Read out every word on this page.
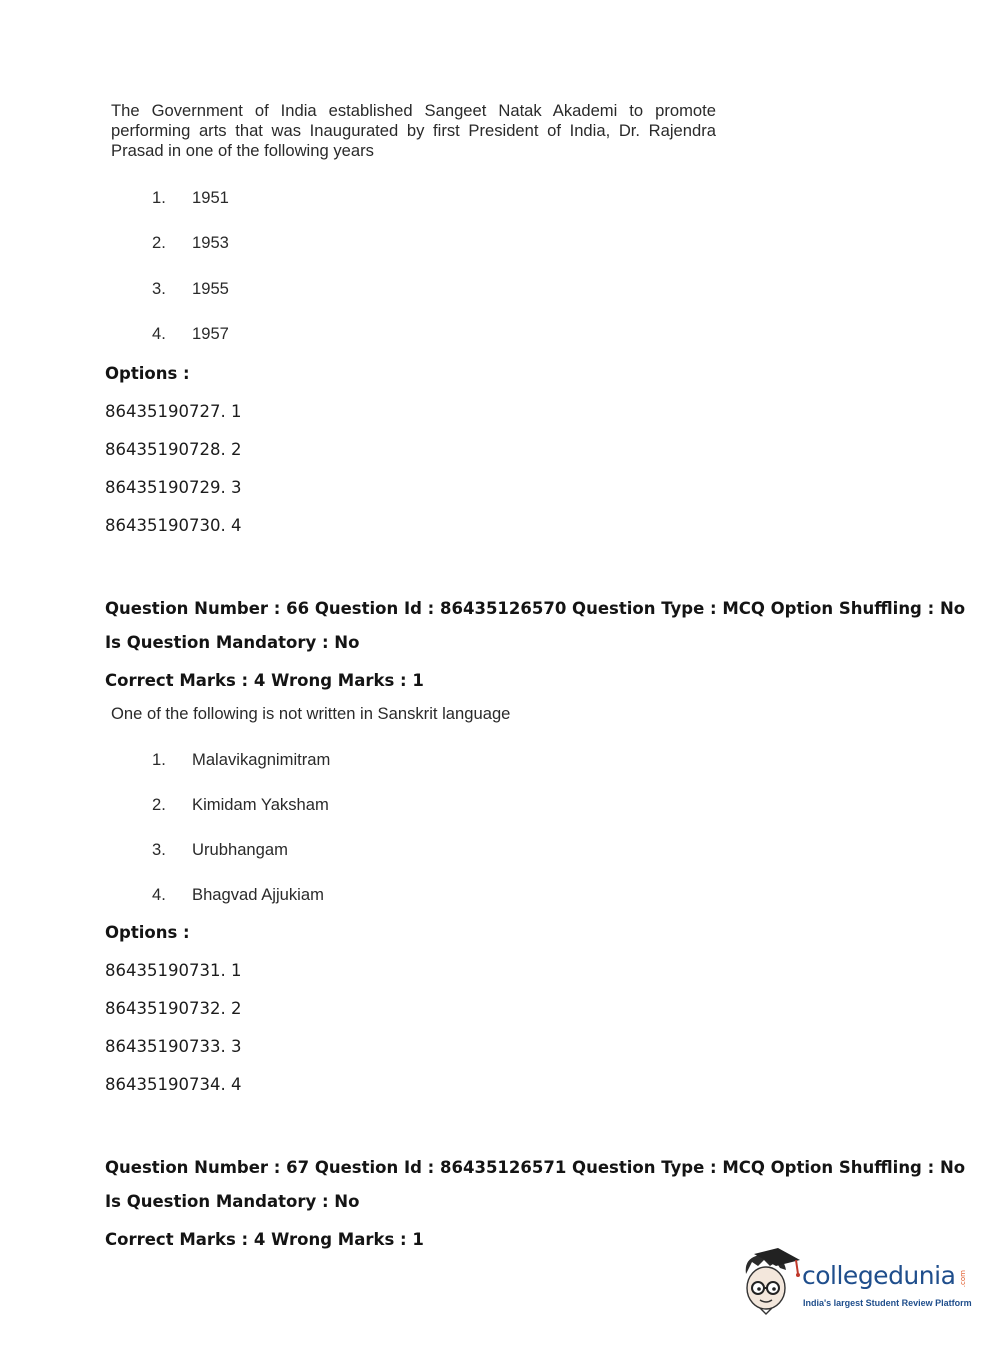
The Government of India established Sangeet Natak Akademi to promote performing arts that was Inaugurated by first President of India, Dr. Rajendra Prasad in one of the following years
1. 1951
2. 1953
3. 1955
4. 1957
Options :
86435190727. 1
86435190728. 2
86435190729. 3
86435190730. 4
Question Number : 66 Question Id : 86435126570 Question Type : MCQ Option Shuffling : No
Is Question Mandatory : No
Correct Marks : 4 Wrong Marks : 1
One of the following is not written in Sanskrit language
1. Malavikagnimitram
2. Kimidam Yaksham
3. Urubhangam
4. Bhagvad Ajjukiam
Options :
86435190731. 1
86435190732. 2
86435190733. 3
86435190734. 4
Question Number : 67 Question Id : 86435126571 Question Type : MCQ Option Shuffling : No
Is Question Mandatory : No
Correct Marks : 4 Wrong Marks : 1
collegedunia .com
India's largest Student Review Platform
